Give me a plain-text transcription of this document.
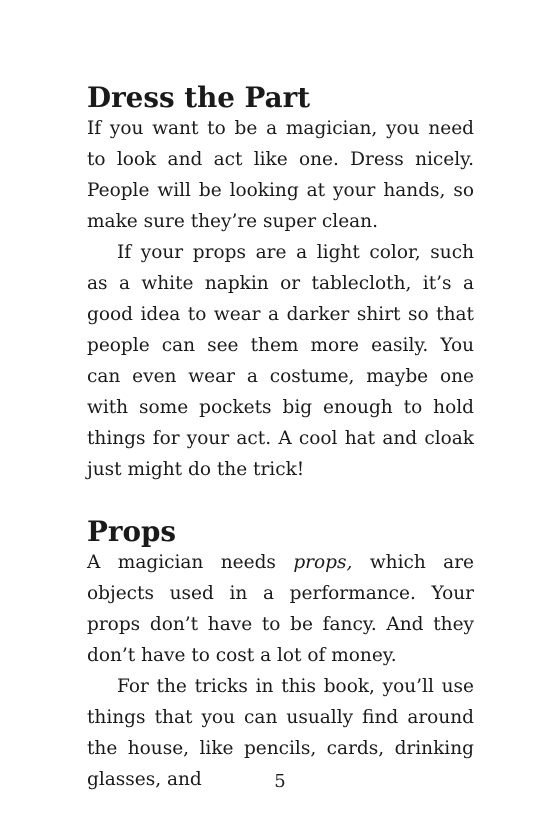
Dress the Part

If you want to be a magician, you need to look and act like one. Dress nicely. People will be looking at your hands, so make sure they’re super clean.

If your props are a light color, such as a white napkin or tablecloth, it’s a good idea to wear a darker shirt so that people can see them more easily. You can even wear a costume, maybe one with some pockets big enough to hold things for your act. A cool hat and cloak just might do the trick!

Props

A magician needs props, which are objects used in a performance. Your props don’t have to be fancy. And they don’t have to cost a lot of money.

For the tricks in this book, you’ll use things that you can usually find around the house, like pencils, cards, drinking glasses, and	5
